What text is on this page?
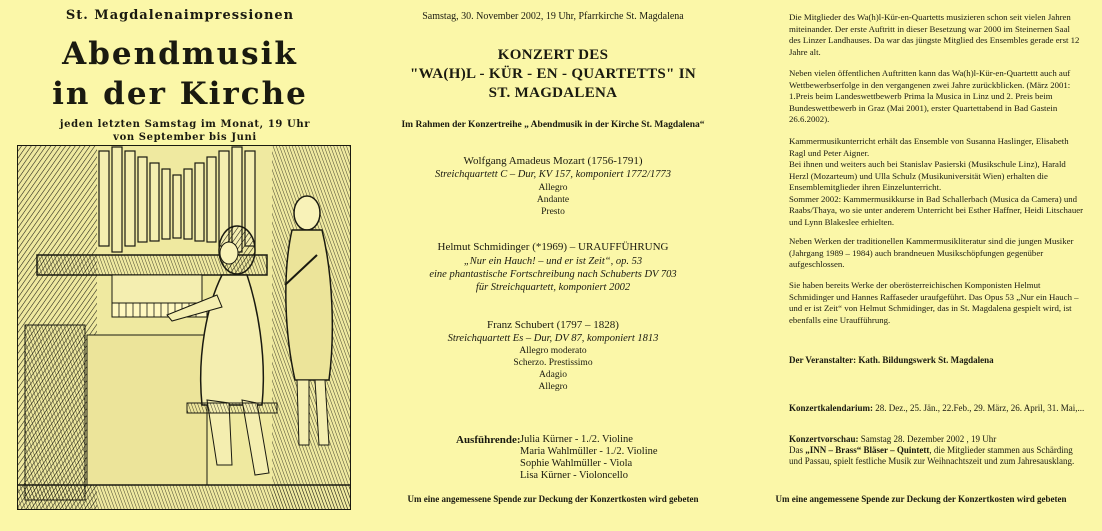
St. Magdalenaimpressionen
Abendmusik
in der Kirche
jeden letzten Samstag im Monat, 19 Uhr
von September bis Juni
Samstag, 30. November 2002, 19 Uhr, Pfarrkirche St. Magdalena
KONZERT DES
"WA(H)L - KÜR - EN - QUARTETTS" IN
ST. MAGDALENA
Im Rahmen der Konzertreihe „ Abendmusik in der Kirche St. Magdalena“
Wolfgang Amadeus Mozart (1756-1791)
Streichquartett C – Dur, KV 157, komponiert 1772/1773
Allegro
Andante
Presto
Helmut Schmidinger (*1969) – URAUFFÜHRUNG
„Nur ein Hauch! – und er ist Zeit“, op. 53
eine phantastische Fortschreibung nach Schuberts DV 703
für Streichquartett, komponiert 2002
Franz Schubert (1797 – 1828)
Streichquartett Es – Dur, DV 87, komponiert 1813
Allegro moderato
Scherzo. Prestissimo
Adagio
Allegro
Ausführende: Julia Kürner - 1./2. Violine
Maria Wahlmüller - 1./2. Violine
Sophie Wahlmüller - Viola
Lisa Kürner - Violoncello
Um eine angemessene Spende zur Deckung der Konzertkosten wird gebeten
Die Mitglieder des Wa(h)l-Kür-en-Quartetts musizieren schon seit vielen Jahren
miteinander. Der erste Auftritt in dieser Besetzung war 2000 im Steinernen Saal
des Linzer Landhauses. Da war das jüngste Mitglied des Ensembles gerade erst 12
Jahre alt.
Neben vielen öffentlichen Auftritten kann das Wa(h)l-Kür-en-Quartettt auch auf
Wettbewerbserfolge in den vergangenen zwei Jahre zurückblicken. (März 2001:
1.Preis beim Landeswettbewerb Prima la Musica in Linz und 2. Preis beim
Bundeswettbewerb in Graz (Mai 2001), erster Quartettabend in Bad Gastein
26.6.2002).
Kammermusikunterricht erhält das Ensemble von Susanna Haslinger, Elisabeth
Ragl und Peter Aigner.
Bei ihnen und weiters auch bei Stanislav Pasierski (Musikschule Linz), Harald
Herzl (Mozarteum) und Ulla Schulz (Musikuniversität Wien) erhalten die
Ensemblemitglieder ihren Einzelunterricht.
Sommer 2002: Kammermusikkurse in Bad Schallerbach (Musica da Camera) und
Raabs/Thaya, wo sie unter anderem Unterricht bei Esther Haffner, Heidi Litschauer
und Lynn Blakeslee erhielten.
Neben Werken der traditionellen Kammermusikliteratur sind die jungen Musiker
(Jahrgang 1989 – 1984) auch brandneuen Musikschöpfungen gegenüber
aufgeschlossen.
Sie haben bereits Werke der oberösterreichischen Komponisten Helmut
Schmidinger und Hannes Raffaseder uraufgeführt. Das Opus 53 „Nur ein Hauch –
und er ist Zeit“ von Helmut Schmidinger, das in St. Magdalena gespielt wird, ist
ebenfalls eine Uraufführung.
Der Veranstalter: Kath. Bildungswerk St. Magdalena
Konzertkalendarium: 28. Dez., 25. Jän., 22.Feb., 29. März, 26. April, 31. Mai,...
Konzertvorschau: Samstag 28. Dezember 2002 , 19 Uhr
Das „INN – Brass“ Bläser – Quintett, die Mitglieder stammen aus Schärding
und Passau, spielt festliche Musik zur Weihnachtszeit und zum Jahresausklang.
Um eine angemessene Spende zur Deckung der Konzertkosten wird gebeten
